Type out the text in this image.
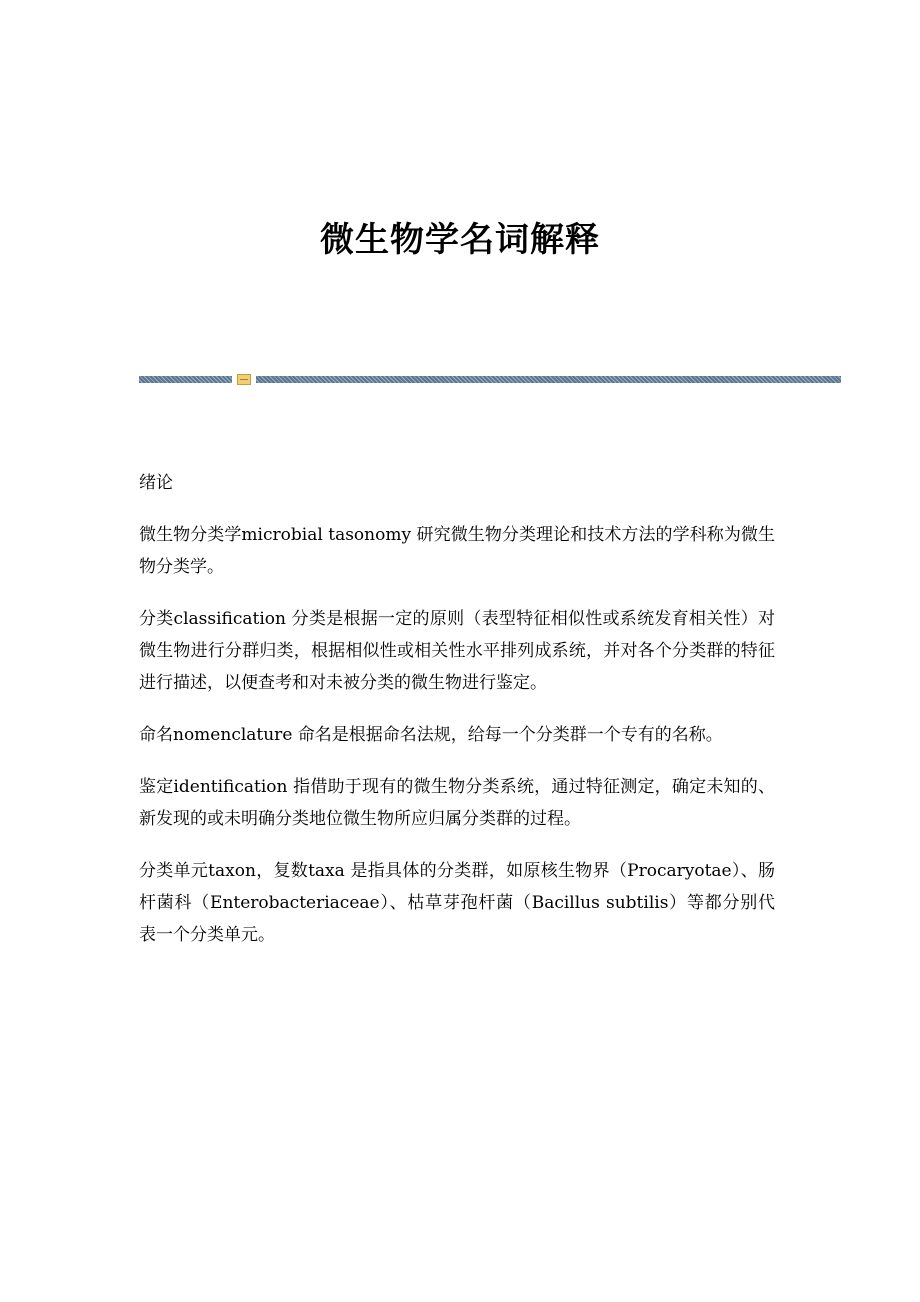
微生物学名词解释
绪论

微生物分类学microbial tasonomy 研究微生物分类理论和技术方法的学科称为微生物分类学。

分类classification 分类是根据一定的原则（表型特征相似性或系统发育相关性）对微生物进行分群归类，根据相似性或相关性水平排列成系统，并对各个分类群的特征进行描述，以便查考和对未被分类的微生物进行鉴定。

命名nomenclature 命名是根据命名法规，给每一个分类群一个专有的名称。

鉴定identification 指借助于现有的微生物分类系统，通过特征测定，确定未知的、新发现的或未明确分类地位微生物所应归属分类群的过程。

分类单元taxon，复数taxa 是指具体的分类群，如原核生物界（Procaryotae）、肠杆菌科（Enterobacteriaceae）、枯草芽孢杆菌（Bacillus subtilis）等都分别代表一个分类单元。
